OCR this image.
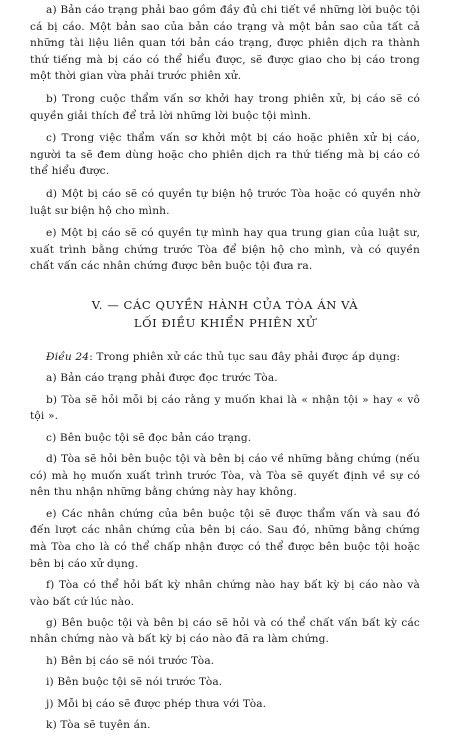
a) Bản cáo trạng phải bao gồm đầy đủ chi tiết về những lời buộc tội cá bị cáo. Một bản sao của bản cáo trạng và một bản sao của tất cả những tài liệu liên quan tới bản cáo trạng, được phiên dịch ra thành thứ tiếng mà bị cáo có thể hiểu được, sẽ được giao cho bị cáo trong một thời gian vừa phải trước phiên xử.

b) Trong cuộc thẩm vấn sơ khởi hay trong phiên xử, bị cáo sẽ có quyền giải thích để trả lời những lời buộc tội mình.

c) Trong việc thẩm vấn sơ khởi một bị cáo hoặc phiên xử bị cáo, người ta sẽ đem dùng hoặc cho phiên dịch ra thứ tiếng mà bị cáo có thể hiểu được.

d) Một bị cáo sẽ có quyền tự biện hộ trước Tòa hoặc có quyền nhờ luật sư biện hộ cho mình.

e) Một bị cáo sẽ có quyền tự mình hay qua trung gian của luật sư, xuất trình bằng chứng trước Tòa để biện hộ cho mình, và có quyền chất vấn các nhân chứng được bên buộc tội đưa ra.

V. — CÁC QUYỀN HÀNH CỦA TÒA ÁN VÀ
LỐI ĐIỀU KHIỂN PHIÊN XỬ

Điều 24: Trong phiên xử các thủ tục sau đây phải được áp dụng:

a) Bản cáo trạng phải được đọc trước Tòa.

b) Tòa sẽ hỏi mỗi bị cáo rằng y muốn khai là « nhận tội » hay « vô tội ».

c) Bên buộc tội sẽ đọc bản cáo trạng.

d) Tòa sẽ hỏi bên buộc tội và bên bị cáo về những bằng chứng (nếu có) mà họ muốn xuất trình trước Tòa, và Tòa sẽ quyết định về sự có nên thu nhận những bằng chứng này hay không.

e) Các nhân chứng của bên buộc tội sẽ được thẩm vấn và sau đó đến lượt các nhân chứng của bên bị cáo. Sau đó, những bằng chứng mà Tòa cho là có thể chấp nhận được có thể được bên buộc tội hoặc bên bị cáo xử dụng.

f) Tòa có thể hỏi bất kỳ nhân chứng nào hay bất kỳ bị cáo nào và vào bất cứ lúc nào.

g) Bên buộc tội và bên bị cáo sẽ hỏi và có thể chất vấn bất kỳ các nhân chứng nào và bất kỳ bị cáo nào đã ra làm chứng.

h) Bên bị cáo sẽ nói trước Tòa.

i) Bên buộc tội sẽ nói trước Tòa.

j) Mỗi bị cáo sẽ được phép thưa với Tòa.

k) Tòa sẽ tuyên án.
